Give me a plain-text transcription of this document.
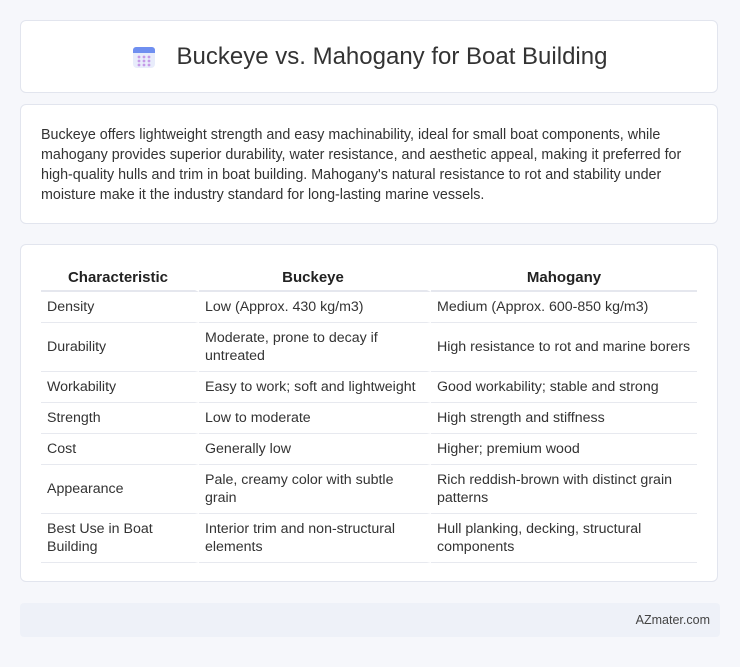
Buckeye vs. Mahogany for Boat Building

Buckeye offers lightweight strength and easy machinability, ideal for small boat components, while mahogany provides superior durability, water resistance, and aesthetic appeal, making it preferred for high-quality hulls and trim in boat building. Mahogany's natural resistance to rot and stability under moisture make it the industry standard for long-lasting marine vessels.

Characteristic	Buckeye	Mahogany
Density	Low (Approx. 430 kg/m3)	Medium (Approx. 600-850 kg/m3)
Durability	Moderate, prone to decay if untreated	High resistance to rot and marine borers
Workability	Easy to work; soft and lightweight	Good workability; stable and strong
Strength	Low to moderate	High strength and stiffness
Cost	Generally low	Higher; premium wood
Appearance	Pale, creamy color with subtle grain	Rich reddish-brown with distinct grain patterns
Best Use in Boat Building	Interior trim and non-structural elements	Hull planking, decking, structural components
AZmater.com
